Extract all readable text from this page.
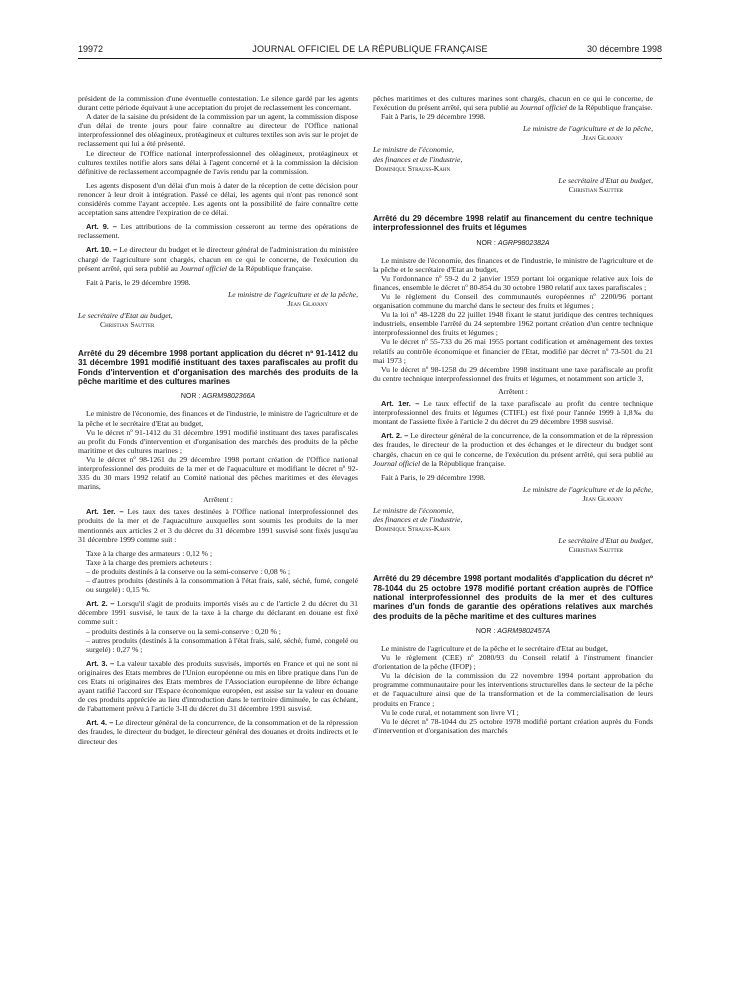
19972	JOURNAL OFFICIEL DE LA RÉPUBLIQUE FRANÇAISE	30 décembre 1998

président de la commission d'une éventuelle contestation. Le silence gardé par les agents durant cette période équivaut à une acceptation du projet de reclassement les concernant.

A dater de la saisine du président de la commission par un agent, la commission dispose d'un délai de trente jours pour faire connaître au directeur de l'Office national interprofessionnel des oléagineux, protéagineux et cultures textiles son avis sur le projet de reclassement qui lui a été présenté.

Le directeur de l'Office national interprofessionnel des oléagineux, protéagineux et cultures textiles notifie alors sans délai à l'agent concerné et à la commission la décision définitive de reclassement accompagnée de l'avis rendu par la commission.

Les agents disposent d'un délai d'un mois à dater de la réception de cette décision pour renoncer à leur droit à intégration. Passé ce délai, les agents qui n'ont pas renoncé sont considérés comme l'ayant acceptée. Les agents ont la possibilité de faire connaître cette acceptation sans attendre l'expiration de ce délai.

Art. 9. – Les attributions de la commission cesseront au terme des opérations de reclassement.

Art. 10. – Le directeur du budget et le directeur général de l'administration du ministère chargé de l'agriculture sont chargés, chacun en ce qui le concerne, de l'exécution du présent arrêté, qui sera publié au Journal officiel de la République française.

Fait à Paris, le 29 décembre 1998.

Le ministre de l'agriculture et de la pêche,

Jean Glavany

Le secrétaire d'Etat au budget,

Christian Sautter

Arrêté du 29 décembre 1998 portant application du décret nº 91-1412 du 31 décembre 1991 modifié instituant des taxes parafiscales au profit du Fonds d'intervention et d'organisation des marchés des produits de la pêche maritime et des cultures marines

NOR : AGRM9802366A

Le ministre de l'économie, des finances et de l'industrie, le ministre de l'agriculture et de la pêche et le secrétaire d'Etat au budget,

Vu le décret nº 91-1412 du 31 décembre 1991 modifié instituant des taxes parafiscales au profit du Fonds d'intervention et d'organisation des marchés des produits de la pêche maritime et des cultures marines ;

Vu le décret nº 98-1261 du 29 décembre 1998 portant création de l'Office national interprofessionnel des produits de la mer et de l'aquaculture et modifiant le décret nº 92-335 du 30 mars 1992 relatif au Comité national des pêches maritimes et des élevages marins,

Arrêtent :

Art. 1er. – Les taux des taxes destinées à l'Office national interprofessionnel des produits de la mer et de l'aquaculture auxquelles sont soumis les produits de la mer mentionnés aux articles 2 et 3 du décret du 31 décembre 1991 susvisé sont fixés jusqu'au 31 décembre 1999 comme suit :

Taxe à la charge des armateurs : 0,12 % ;

Taxe à la charge des premiers acheteurs :

– de produits destinés à la conserve ou la semi-conserve : 0,08 % ;

– d'autres produits (destinés à la consommation à l'état frais, salé, séché, fumé, congelé ou surgelé) : 0,15 %.

Art. 2. – Lorsqu'il s'agit de produits importés visés au c de l'article 2 du décret du 31 décembre 1991 susvisé, le taux de la taxe à la charge du déclarant en douane est fixé comme suit :

– produits destinés à la conserve ou la semi-conserve : 0,20 % ;

– autres produits (destinés à la consommation à l'état frais, salé, séché, fumé, congelé ou surgelé) : 0,27 % ;

Art. 3. – La valeur taxable des produits susvisés, importés en France et qui ne sont ni originaires des Etats membres de l'Union européenne ou mis en libre pratique dans l'un de ces Etats ni originaires des Etats membres de l'Association européenne de libre échange ayant ratifié l'accord sur l'Espace économique européen, est assise sur la valeur en douane de ces produits appréciée au lieu d'introduction dans le territoire diminuée, le cas échéant, de l'abattement prévu à l'article 3-II du décret du 31 décembre 1991 susvisé.

Art. 4. – Le directeur général de la concurrence, de la consommation et de la répression des fraudes, le directeur du budget, le directeur général des douanes et droits indirects et le directeur des

pêches maritimes et des cultures marines sont chargés, chacun en ce qui le concerne, de l'exécution du présent arrêté, qui sera publié au Journal officiel de la République française.

Fait à Paris, le 29 décembre 1998.

Le ministre de l'agriculture et de la pêche,

Jean Glavany

Le ministre de l'économie,

des finances et de l'industrie,

Dominique Strauss-Kahn

Le secrétaire d'Etat au budget,

Christian Sautter

Arrêté du 29 décembre 1998 relatif au financement du centre technique interprofessionnel des fruits et légumes

NOR : AGRP9802382A

Le ministre de l'économie, des finances et de l'industrie, le ministre de l'agriculture et de la pêche et le secrétaire d'Etat au budget,

Vu l'ordonnance nº 59-2 du 2 janvier 1959 portant loi organique relative aux lois de finances, ensemble le décret nº 80-854 du 30 octobre 1980 relatif aux taxes parafiscales ;

Vu le règlement du Conseil des communautés européennes nº 2200/96 portant organisation commune du marché dans le secteur des fruits et légumes ;

Vu la loi nº 48-1228 du 22 juillet 1948 fixant le statut juridique des centres techniques industriels, ensemble l'arrêté du 24 septembre 1962 portant création d'un centre technique interprofessionnel des fruits et légumes ;

Vu le décret nº 55-733 du 26 mai 1955 portant codification et aménagement des textes relatifs au contrôle économique et financier de l'Etat, modifié par décret nº 73-501 du 21 mai 1973 ;

Vu le décret nº 98-1258 du 29 décembre 1998 instituant une taxe parafiscale au profit du centre technique interprofessionnel des fruits et légumes, et notamment son article 3,

Arrêtent :

Art. 1er. – Le taux effectif de la taxe parafiscale au profit du centre technique interprofessionnel des fruits et légumes (CTIFL) est fixé pour l'année 1999 à 1,8‰ du montant de l'assiette fixée à l'article 2 du décret du 29 décembre 1998 susvisé.

Art. 2. – Le directeur général de la concurrence, de la consommation et de la répression des fraudes, le directeur de la production et des échanges et le directeur du budget sont chargés, chacun en ce qui le concerne, de l'exécution du présent arrêté, qui sera publié au Journal officiel de la République française.

Fait à Paris, le 29 décembre 1998.

Le ministre de l'agriculture et de la pêche,

Jean Glavany

Le ministre de l'économie,

des finances et de l'industrie,

Dominique Strauss-Kahn

Le secrétaire d'Etat au budget,

Christian Sautter

Arrêté du 29 décembre 1998 portant modalités d'application du décret nº 78-1044 du 25 octobre 1978 modifié portant création auprès de l'Office national interprofessionnel des produits de la mer et des cultures marines d'un fonds de garantie des opérations relatives aux marchés des produits de la pêche maritime et des cultures marines

NOR : AGRM9802457A

Le ministre de l'agriculture et de la pêche et le secrétaire d'Etat au budget,

Vu le règlement (CEE) nº 2080/93 du Conseil relatif à l'instrument financier d'orientation de la pêche (IFOP) ;

Vu la décision de la commission du 22 novembre 1994 portant approbation du programme communautaire pour les interventions structurelles dans le secteur de la pêche et de l'aquaculture ainsi que de la transformation et de la commercialisation de leurs produits en France ;

Vu le code rural, et notamment son livre VI ;

Vu le décret nº 78-1044 du 25 octobre 1978 modifié portant création auprès du Fonds d'intervention et d'organisation des marchés
